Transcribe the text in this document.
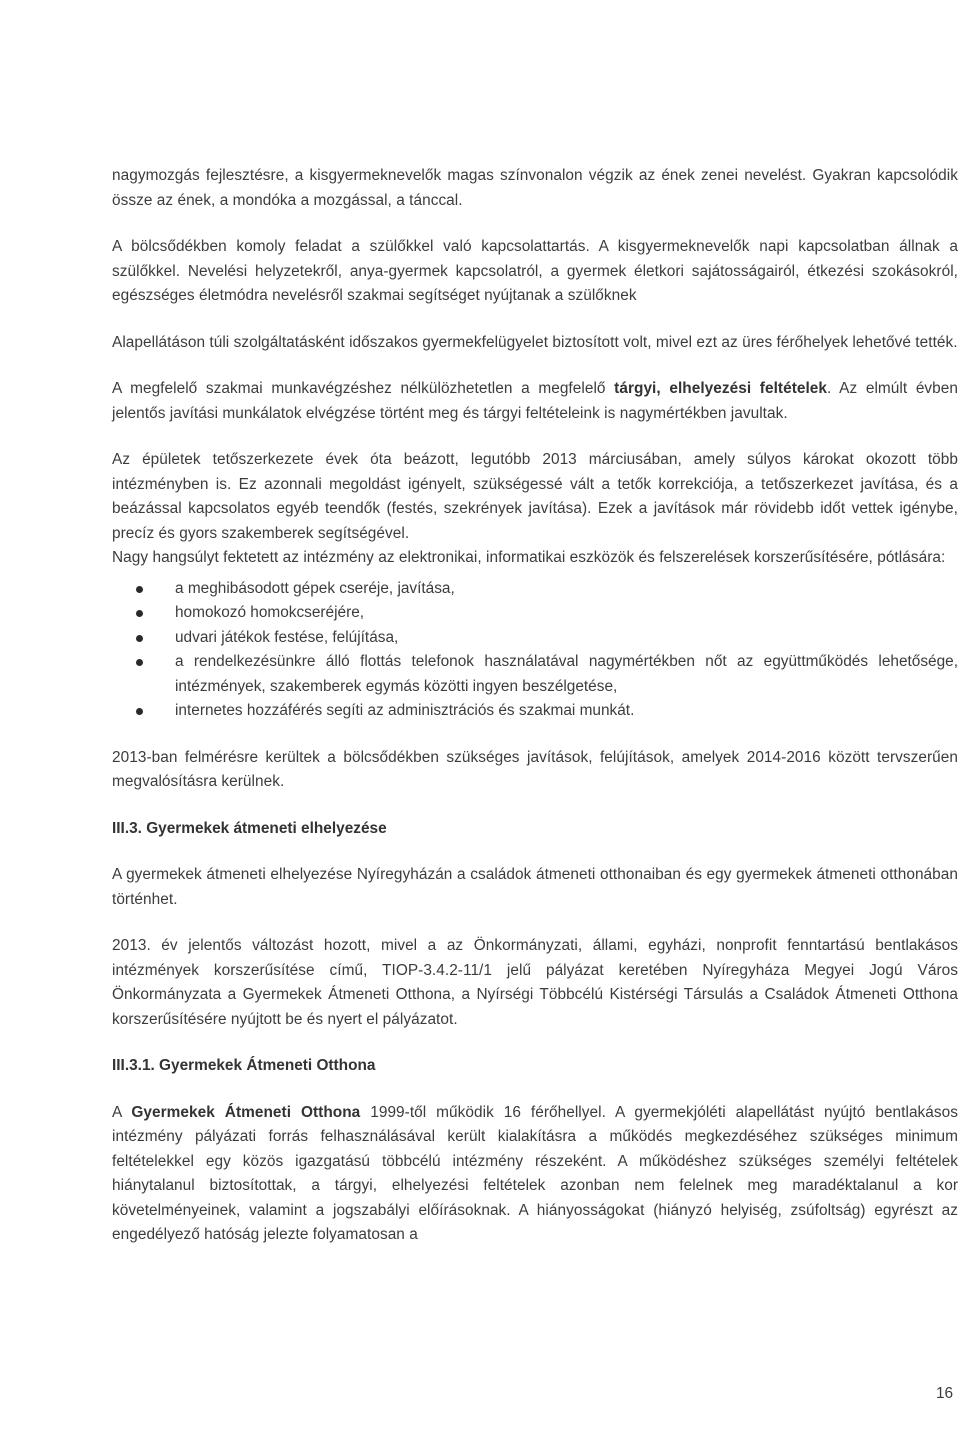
nagymozgás fejlesztésre, a kisgyermeknevelők magas színvonalon végzik az ének zenei nevelést. Gyakran kapcsolódik össze az ének, a mondóka a mozgással, a tánccal.

A bölcsődékben komoly feladat a szülőkkel való kapcsolattartás. A kisgyermeknevelők napi kapcsolatban állnak a szülőkkel. Nevelési helyzetekről, anya-gyermek kapcsolatról, a gyermek életkori sajátosságairól, étkezési szokásokról, egészséges életmódra nevelésről szakmai segítséget nyújtanak a szülőknek

Alapellátáson túli szolgáltatásként időszakos gyermekfelügyelet biztosított volt, mivel ezt az üres férőhelyek lehetővé tették.

A megfelelő szakmai munkavégzéshez nélkülözhetetlen a megfelelő tárgyi, elhelyezési feltételek. Az elmúlt évben jelentős javítási munkálatok elvégzése történt meg és tárgyi feltételeink is nagymértékben javultak.

Az épületek tetőszerkezete évek óta beázott, legutóbb 2013 márciusában, amely súlyos károkat okozott több intézményben is. Ez azonnali megoldást igényelt, szükségessé vált a tetők korrekciója, a tetőszerkezet javítása, és a beázással kapcsolatos egyéb teendők (festés, szekrények javítása). Ezek a javítások már rövidebb időt vettek igénybe, precíz és gyors szakemberek segítségével.

Nagy hangsúlyt fektetett az intézmény az elektronikai, informatikai eszközök és felszerelések korszerűsítésére, pótlására:

a meghibásodott gépek cseréje, javítása,
homokozó homokcseréjére,
udvari játékok festése, felújítása,
a rendelkezésünkre álló flottás telefonok használatával nagymértékben nőt az együttműködés lehetősége, intézmények, szakemberek egymás közötti ingyen beszélgetése,
internetes hozzáférés segíti az adminisztrációs és szakmai munkát.

2013-ban felmérésre kerültek a bölcsődékben szükséges javítások, felújítások, amelyek 2014-2016 között tervszerűen megvalósításra kerülnek.

III.3. Gyermekek átmeneti elhelyezése

A gyermekek átmeneti elhelyezése Nyíregyházán a családok átmeneti otthonaiban és egy gyermekek átmeneti otthonában történhet.

2013. év jelentős változást hozott, mivel a az Önkormányzati, állami, egyházi, nonprofit fenntartású bentlakásos intézmények korszerűsítése című, TIOP-3.4.2-11/1 jelű pályázat keretében Nyíregyháza Megyei Jogú Város Önkormányzata a Gyermekek Átmeneti Otthona, a Nyírségi Többcélú Kistérségi Társulás a Családok Átmeneti Otthona korszerűsítésére nyújtott be és nyert el pályázatot.

III.3.1. Gyermekek Átmeneti Otthona

A Gyermekek Átmeneti Otthona 1999-től működik 16 férőhellyel. A gyermekjóléti alapellátást nyújtó bentlakásos intézmény pályázati forrás felhasználásával került kialakításra a működés megkezdéséhez szükséges minimum feltételekkel egy közös igazgatású többcélú intézmény részeként. A működéshez szükséges személyi feltételek hiánytalanul biztosítottak, a tárgyi, elhelyezési feltételek azonban nem felelnek meg maradéktalanul a kor követelményeinek, valamint a jogszabályi előírásoknak. A hiányosságokat (hiányzó helyiség, zsúfoltság) egyrészt az engedélyező hatóság jelezte folyamatosan a

16
